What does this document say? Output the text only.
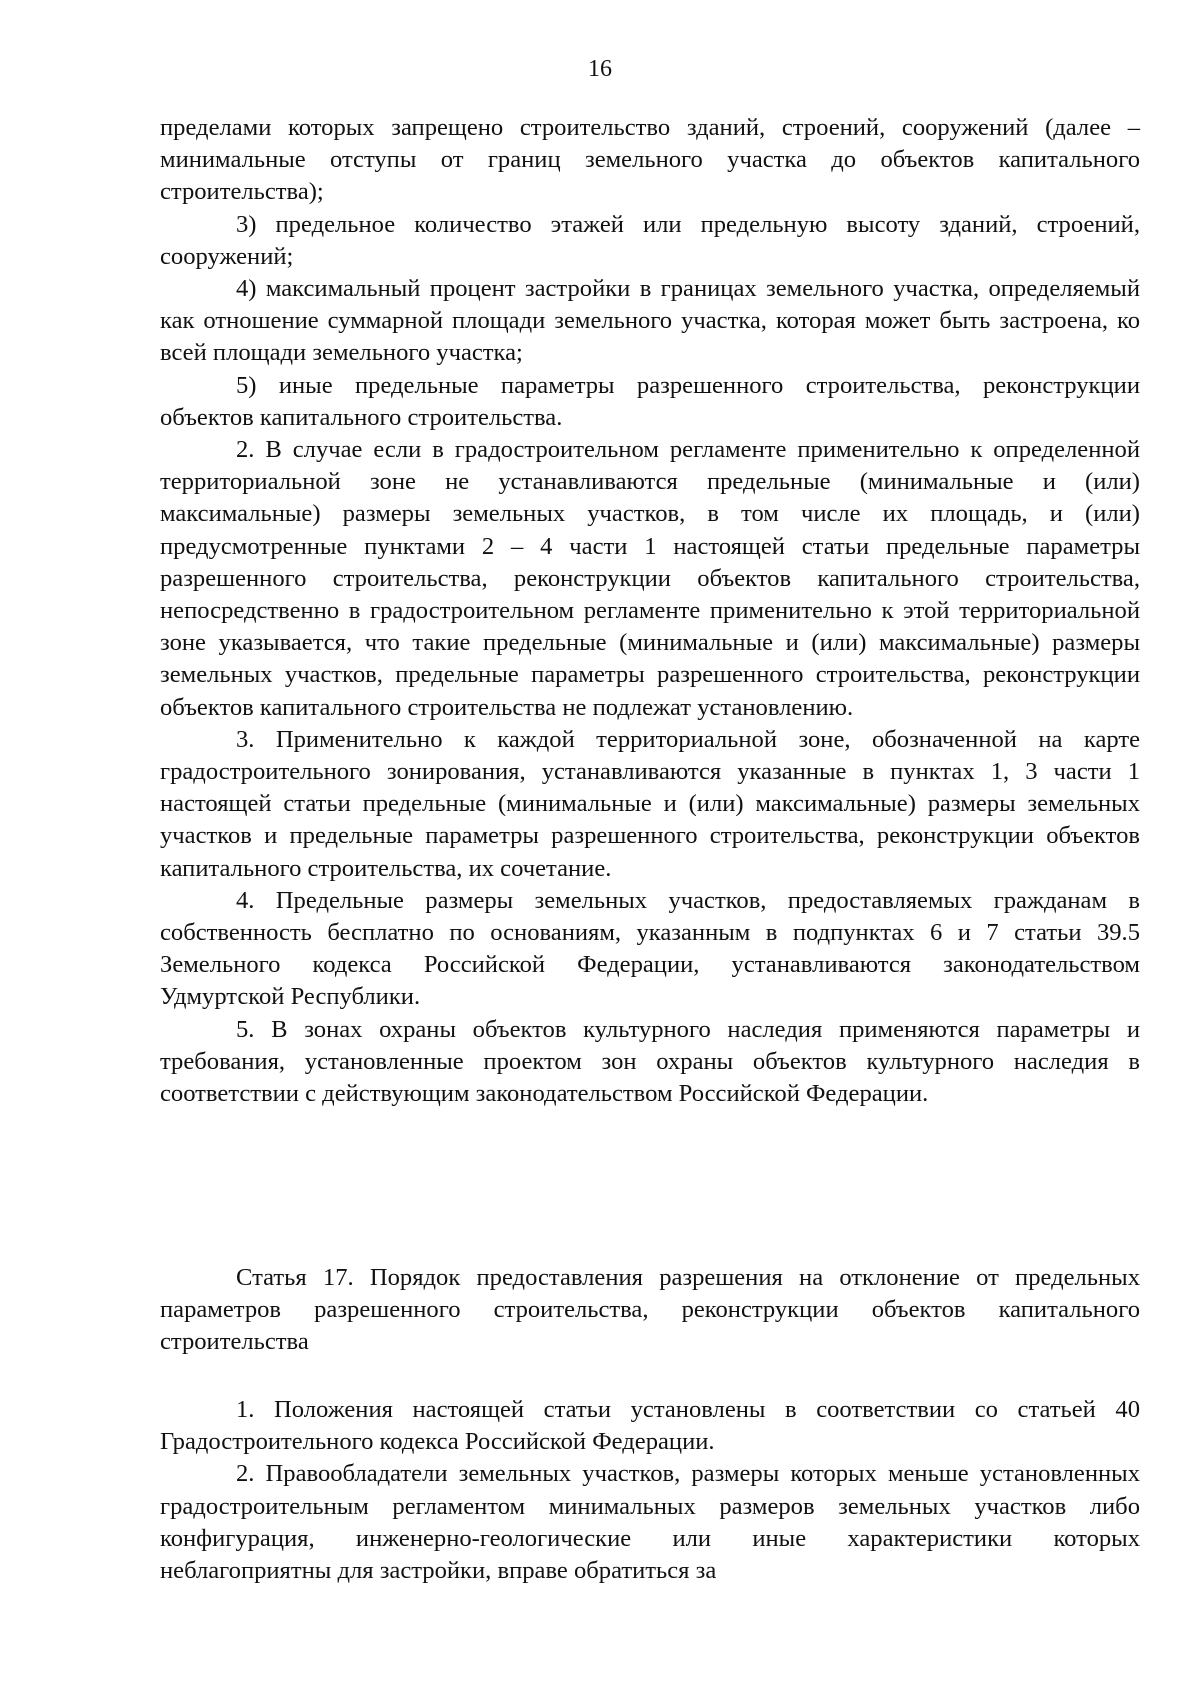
16

пределами которых запрещено строительство зданий, строений, сооружений (далее – минимальные отступы от границ земельного участка до объектов капитального строительства);

3) предельное количество этажей или предельную высоту зданий, строений, сооружений;

4) максимальный процент застройки в границах земельного участка, определяемый как отношение суммарной площади земельного участка, которая может быть застроена, ко всей площади земельного участка;

5) иные предельные параметры разрешенного строительства, реконструкции объектов капитального строительства.

2. В случае если в градостроительном регламенте применительно к определенной территориальной зоне не устанавливаются предельные (минимальные и (или) максимальные) размеры земельных участков, в том числе их площадь, и (или) предусмотренные пунктами 2 – 4 части 1 настоящей статьи предельные параметры разрешенного строительства, реконструкции объектов капитального строительства, непосредственно в градостроительном регламенте применительно к этой территориальной зоне указывается, что такие предельные (минимальные и (или) максимальные) размеры земельных участков, предельные параметры разрешенного строительства, реконструкции объектов капитального строительства не подлежат установлению.

3. Применительно к каждой территориальной зоне, обозначенной на карте градостроительного зонирования, устанавливаются указанные в пунктах 1, 3 части 1 настоящей статьи предельные (минимальные и (или) максимальные) размеры земельных участков и предельные параметры разрешенного строительства, реконструкции объектов капитального строительства, их сочетание.

4. Предельные размеры земельных участков, предоставляемых гражданам в собственность бесплатно по основаниям, указанным в подпунктах 6 и 7 статьи 39.5 Земельного кодекса Российской Федерации, устанавливаются законодательством Удмуртской Республики.

5. В зонах охраны объектов культурного наследия применяются параметры и требования, установленные проектом зон охраны объектов культурного наследия в соответствии с действующим законодательством Российской Федерации.

Статья 17. Порядок предоставления разрешения на отклонение от предельных параметров разрешенного строительства, реконструкции объектов капитального строительства

1. Положения настоящей статьи установлены в соответствии со статьей 40 Градостроительного кодекса Российской Федерации.

2. Правообладатели земельных участков, размеры которых меньше установленных градостроительным регламентом минимальных размеров земельных участков либо конфигурация, инженерно-геологические или иные характеристики которых неблагоприятны для застройки, вправе обратиться за
